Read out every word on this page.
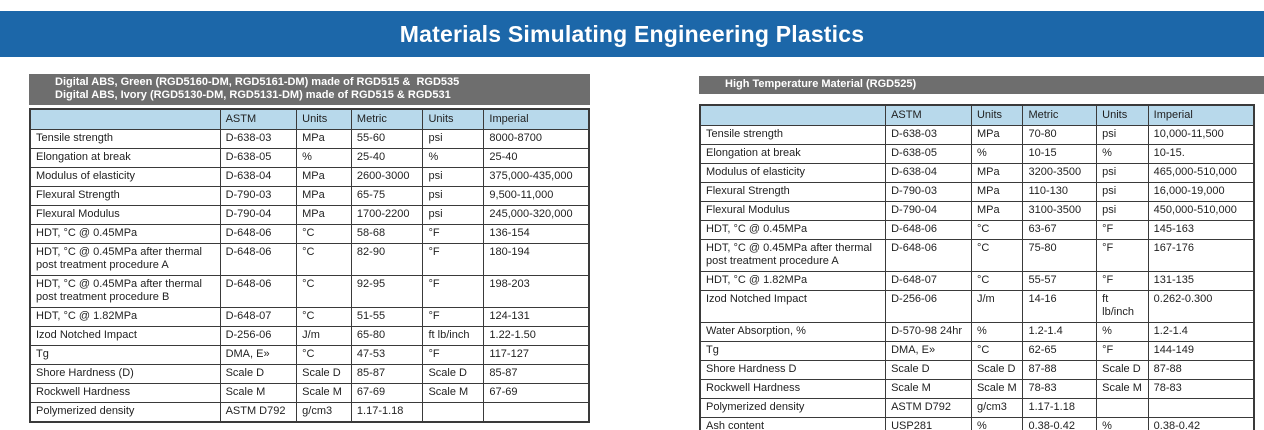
Materials Simulating Engineering Plastics
Digital ABS, Green (RGD5160-DM, RGD5161-DM) made of RGD515 &  RGD535
Digital ABS, Ivory (RGD5130-DM, RGD5131-DM) made of RGD515 & RGD531
	ASTM	Units	Metric	Units	Imperial
Tensile strength	D-638-03	MPa	55-60	psi	8000-8700
Elongation at break	D-638-05	%	25-40	%	25-40
Modulus of elasticity	D-638-04	MPa	2600-3000	psi	375,000-435,000
Flexural Strength	D-790-03	MPa	65-75	psi	9,500-11,000
Flexural Modulus	D-790-04	MPa	1700-2200	psi	245,000-320,000
HDT, °C @ 0.45MPa	D-648-06	°C	58-68	°F	136-154
HDT, °C @ 0.45MPa after thermal post treatment procedure A	D-648-06	°C	82-90	°F	180-194
HDT, °C @ 0.45MPa after thermal post treatment procedure B	D-648-06	°C	92-95	°F	198-203
HDT, °C @ 1.82MPa	D-648-07	°C	51-55	°F	124-131
Izod Notched Impact	D-256-06	J/m	65-80	ft lb/inch	1.22-1.50
Tg	DMA, E»	°C	47-53	°F	117-127
Shore Hardness (D)	Scale D	Scale D	85-87	Scale D	85-87
Rockwell Hardness	Scale M	Scale M	67-69	Scale M	67-69
Polymerized density	ASTM D792	g/cm3	1.17-1.18		
High Temperature Material (RGD525)
	ASTM	Units	Metric	Units	Imperial
Tensile strength	D-638-03	MPa	70-80	psi	10,000-11,500
Elongation at break	D-638-05	%	10-15	%	10-15.
Modulus of elasticity	D-638-04	MPa	3200-3500	psi	465,000-510,000
Flexural Strength	D-790-03	MPa	110-130	psi	16,000-19,000
Flexural Modulus	D-790-04	MPa	3100-3500	psi	450,000-510,000
HDT, °C @ 0.45MPa	D-648-06	°C	63-67	°F	145-163
HDT, °C @ 0.45MPa after thermal post treatment procedure A	D-648-06	°C	75-80	°F	167-176
HDT, °C @ 1.82MPa	D-648-07	°C	55-57	°F	131-135
Izod Notched Impact	D-256-06	J/m	14-16	ft lb/inch	0.262-0.300
Water Absorption, %	D-570-98 24hr	%	1.2-1.4	%	1.2-1.4
Tg	DMA, E»	°C	62-65	°F	144-149
Shore Hardness D	Scale D	Scale D	87-88	Scale D	87-88
Rockwell Hardness	Scale M	Scale M	78-83	Scale M	78-83
Polymerized density	ASTM D792	g/cm3	1.17-1.18		
Ash content	USP281	%	0.38-0.42	%	0.38-0.42
